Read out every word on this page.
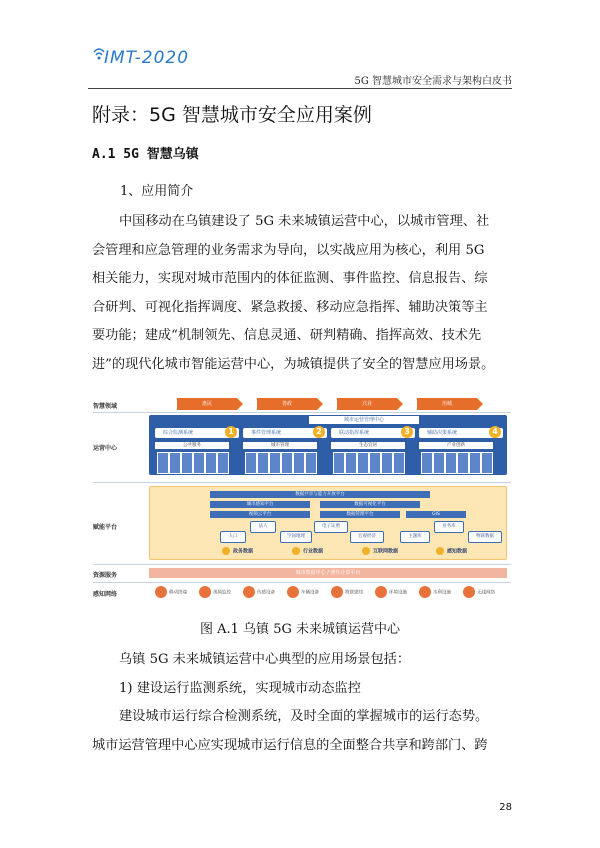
IMT-2020
5G 智慧城市安全需求与架构白皮书
附录：5G 智慧城市安全应用案例
A.1 5G 智慧乌镇
1、应用简介
中国移动在乌镇建设了 5G 未来城镇运营中心，以城市管理、社
会管理和应急管理的业务需求为导向，以实战应用为核心，利用 5G
相关能力，实现对城市范围内的体征监测、事件监控、信息报告、综
合研判、可视化指挥调度、紧急救援、移动应急指挥、辅助决策等主
要功能；建成“机制领先、信息灵通、研判精确、指挥高效、技术先
进”的现代化城市智能运营中心，为城镇提供了安全的智慧应用场景。
智慧领域
运营中心
赋能平台
资源服务
感知网络
惠民	善政	兴业	治城
城市运营管理中心
综合监测系统	1	事件管理系统	2	联动指挥系统	3	辅助决策系统	4
公共服务	城市管理	生态宜居	产业创新
数据共享与能力开放平台
城市感知平台	数据可视化平台
视频云平台	数据管理平台	GIS
人口
法人
空间地理
电子证照
宏观经济	主题库
业务库
物联数据
政务数据	行业数据	互联网数据	感知数据
城市数据中心 / 弹性计算平台
移动终端	视频监控	传感设备	车辆设备	物联感知	环境设施	水利设施	无线网络
图 A.1 乌镇 5G 未来城镇运营中心
乌镇 5G 未来城镇运营中心典型的应用场景包括：
1) 建设运行监测系统，实现城市动态监控
建设城市运行综合检测系统，及时全面的掌握城市的运行态势。
城市运营管理中心应实现城市运行信息的全面整合共享和跨部门、跨
28
